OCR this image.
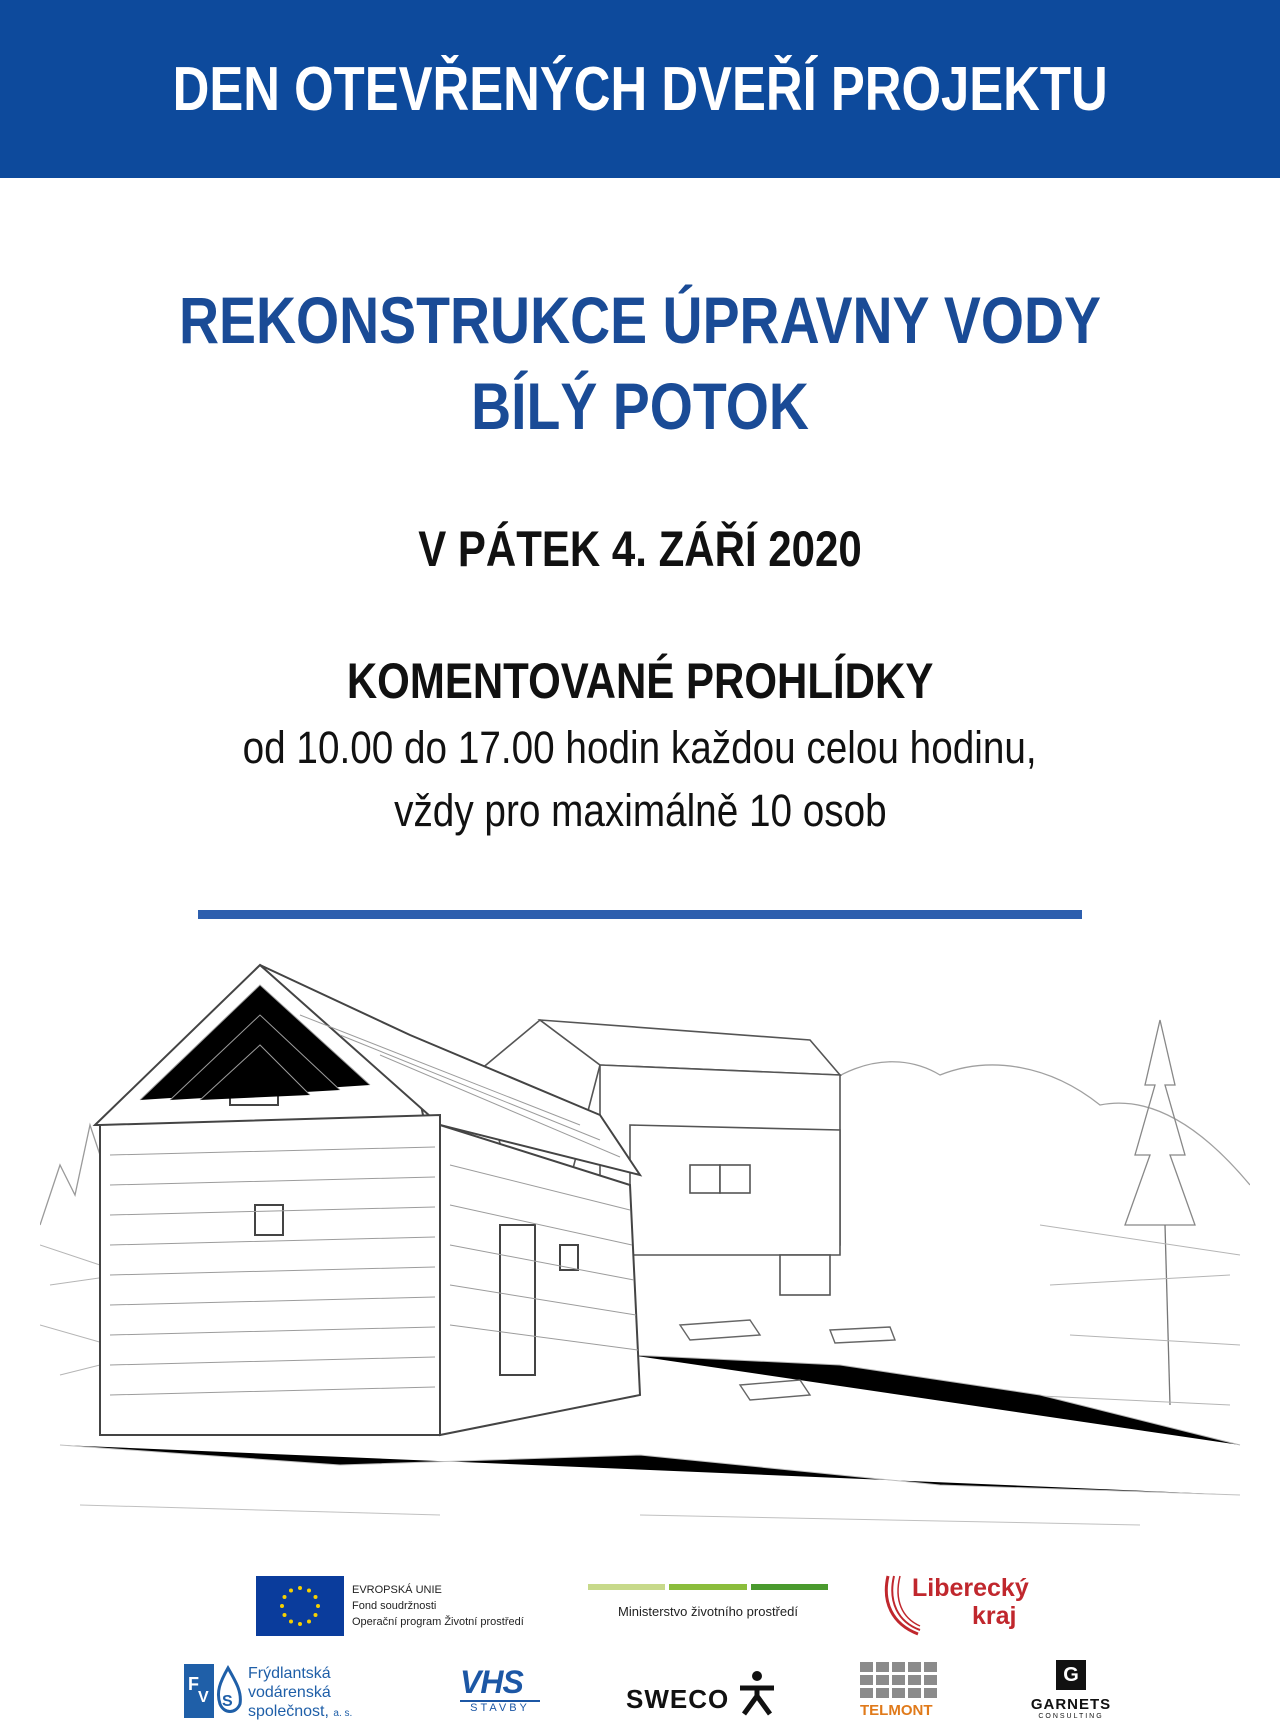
DEN OTEVŘENÝCH DVEŘÍ PROJEKTU
REKONSTRUKCE ÚPRAVNY VODY
BÍLÝ POTOK
V PÁTEK 4. ZÁŘÍ 2020
KOMENTOVANÉ PROHLÍDKY
od 10.00 do 17.00 hodin každou celou hodinu,
vždy pro maximálně 10 osob
EVROPSKÁ UNIE
Fond soudržnosti
Operační program Životní prostředí
Ministerstvo životního prostředí
Liberecký
kraj
F
V S
Frýdlantská
vodárenská
společnost, a. s.
VHS
STAVBY	SWECO	TELMONT
G
GARNETS
CONSULTING
